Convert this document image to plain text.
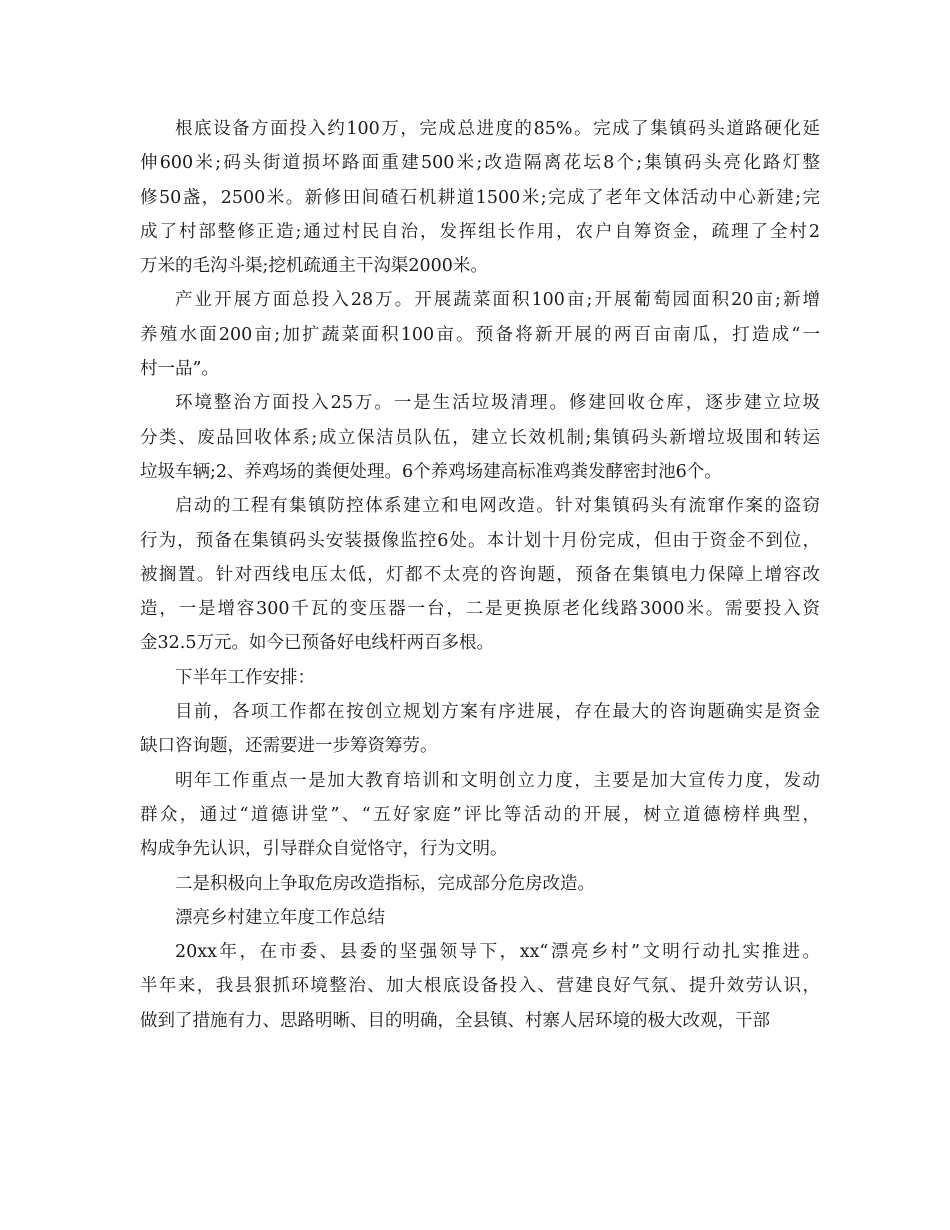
根底设备方面投入约100万，完成总进度的85%。完成了集镇码头道路硬化延
伸600米;码头街道损坏路面重建500米;改造隔离花坛8个;集镇码头亮化路灯整
修50盏，2500米。新修田间碴石机耕道1500米;完成了老年文体活动中心新建;完
成了村部整修正造;通过村民自治，发挥组长作用，农户自筹资金，疏理了全村2
万米的毛沟斗渠;挖机疏通主干沟渠2000米。
产业开展方面总投入28万。开展蔬菜面积100亩;开展葡萄园面积20亩;新增
养殖水面200亩;加扩蔬菜面积100亩。预备将新开展的两百亩南瓜，打造成“一
村一品”。
环境整治方面投入25万。一是生活垃圾清理。修建回收仓库，逐步建立垃圾
分类、废品回收体系;成立保洁员队伍，建立长效机制;集镇码头新增垃圾围和转运
垃圾车辆;2、养鸡场的粪便处理。6个养鸡场建高标准鸡粪发酵密封池6个。
启动的工程有集镇防控体系建立和电网改造。针对集镇码头有流窜作案的盗窃
行为，预备在集镇码头安装摄像监控6处。本计划十月份完成，但由于资金不到位，
被搁置。针对西线电压太低，灯都不太亮的咨询题，预备在集镇电力保障上增容改
造，一是增容300千瓦的变压器一台，二是更换原老化线路3000米。需要投入资
金32.5万元。如今已预备好电线杆两百多根。
下半年工作安排：
目前，各项工作都在按创立规划方案有序进展，存在最大的咨询题确实是资金
缺口咨询题，还需要进一步筹资筹劳。
明年工作重点一是加大教育培训和文明创立力度，主要是加大宣传力度，发动
群众，通过“道德讲堂”、“五好家庭”评比等活动的开展，树立道德榜样典型，
构成争先认识，引导群众自觉恪守，行为文明。
二是积极向上争取危房改造指标，完成部分危房改造。
漂亮乡村建立年度工作总结
20xx年，在市委、县委的坚强领导下，xx“漂亮乡村”文明行动扎实推进。
半年来，我县狠抓环境整治、加大根底设备投入、营建良好气氛、提升效劳认识，
做到了措施有力、思路明晰、目的明确，全县镇、村寨人居环境的极大改观，干部
